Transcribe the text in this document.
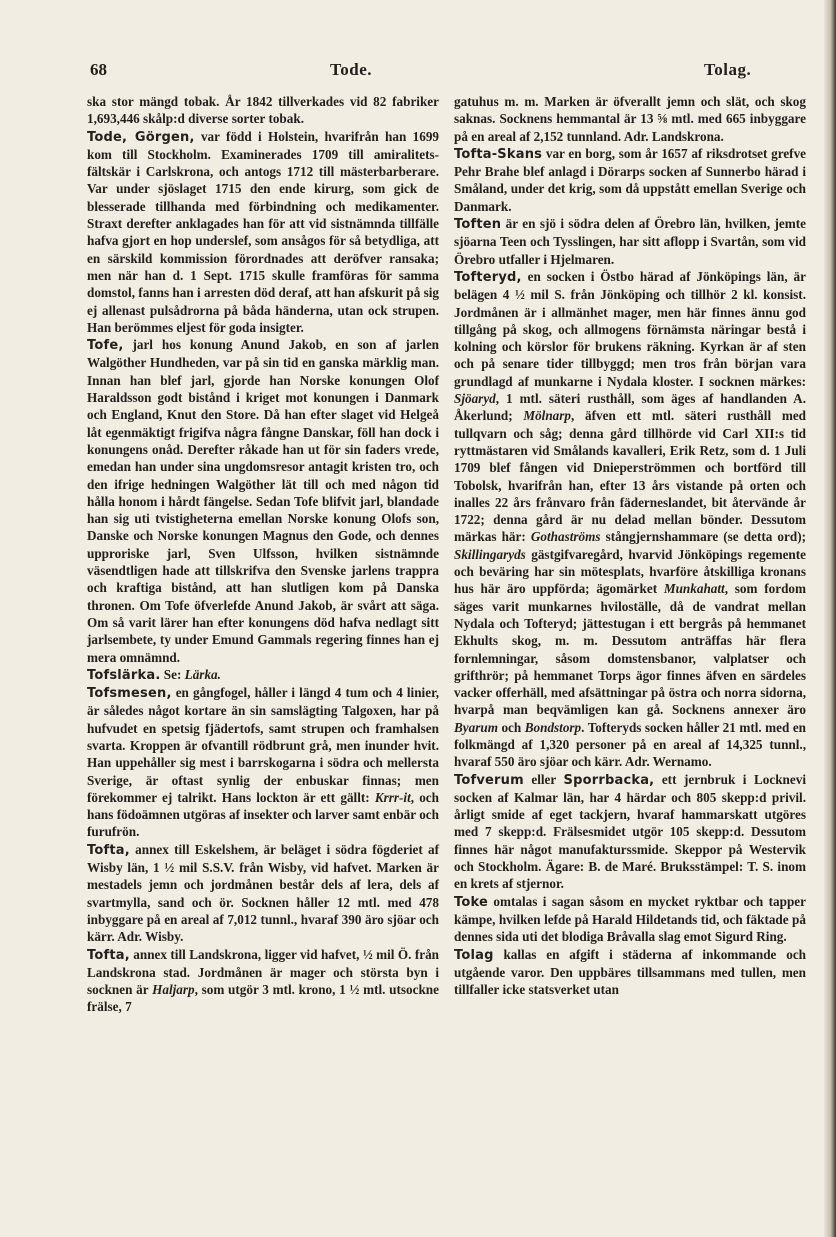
68	Tode.	Tolag.

ska stor mängd tobak. År 1842 tillverkades vid 82 fabriker 1,693,446 skålp:d diverse sorter tobak.

Tode, Görgen, var född i Holstein, hvarifrån han 1699 kom till Stockholm. Examinerades 1709 till amiralitets-fältskär i Carlskrona, och antogs 1712 till mästerbarberare. Var under sjöslaget 1715 den ende kirurg, som gick de blesserade tillhanda med förbindning och medikamenter. Straxt derefter anklagades han för att vid sistnämnda tillfälle hafva gjort en hop underslef, som ansågos för så betydliga, att en särskild kommission förordnades att deröfver ransaka; men när han d. 1 Sept. 1715 skulle framföras för samma domstol, fanns han i arresten död deraf, att han afskurit på sig ej allenast pulsådrorna på båda händerna, utan ock strupen. Han berömmes eljest för goda insigter.

Tofe, jarl hos konung Anund Jakob, en son af jarlen Walgöther Hundheden, var på sin tid en ganska märklig man. Innan han blef jarl, gjorde han Norske konungen Olof Haraldsson godt bistånd i kriget mot konungen i Danmark och England, Knut den Store. Då han efter slaget vid Helgeå låt egenmäktigt frigifva några fångne Danskar, föll han dock i konungens onåd. Derefter råkade han ut för sin faders vrede, emedan han under sina ungdomsresor antagit kristen tro, och den ifrige hedningen Walgöther lät till och med någon tid hålla honom i hårdt fängelse. Sedan Tofe blifvit jarl, blandade han sig uti tvistigheterna emellan Norske konung Olofs son, Danske och Norske konungen Magnus den Gode, och dennes upproriske jarl, Sven Ulfsson, hvilken sistnämnde väsendtligen hade att tillskrifva den Svenske jarlens trappra och kraftiga bistånd, att han slutligen kom på Danska thronen. Om Tofe öfverlefde Anund Jakob, är svårt att säga. Om så varit lärer han efter konungens död hafva nedlagt sitt jarlsembete, ty under Emund Gammals regering finnes han ej mera omnämnd.

Tofslärka. Se: Lärka.

Tofsmesen, en gångfogel, håller i längd 4 tum och 4 linier, är således något kortare än sin samslägting Talgoxen, har på hufvudet en spetsig fjädertofs, samt strupen och framhalsen svarta. Kroppen är ofvantill rödbrunt grå, men inunder hvit. Han uppehåller sig mest i barrskogarna i södra och mellersta Sverige, är oftast synlig der enbuskar finnas; men förekommer ej talrikt. Hans lockton är ett gällt: Krrr-it, och hans födoämnen utgöras af insekter och larver samt enbär och furufrön.

Tofta, annex till Eskelshem, är beläget i södra fögderiet af Wisby län, 1 ½ mil S.S.V. från Wisby, vid hafvet. Marken är mestadels jemn och jordmånen består dels af lera, dels af svartmylla, sand och ör. Socknen håller 12 mtl. med 478 inbyggare på en areal af 7,012 tunnl., hvaraf 390 äro sjöar och kärr. Adr. Wisby.

Tofta, annex till Landskrona, ligger vid hafvet, ½ mil Ö. från Landskrona stad. Jordmånen är mager och största byn i socknen är Haljarp, som utgör 3 mtl. krono, 1 ½ mtl. utsockne frälse, 7

gatuhus m. m. Marken är öfverallt jemn och slät, och skog saknas. Socknens hemmantal är 13 ⅝ mtl. med 665 inbyggare på en areal af 2,152 tunnland. Adr. Landskrona.

Tofta-Skans var en borg, som år 1657 af riksdrotset grefve Pehr Brahe blef anlagd i Dörarps socken af Sunnerbo härad i Småland, under det krig, som då uppstått emellan Sverige och Danmark.

Toften är en sjö i södra delen af Örebro län, hvilken, jemte sjöarna Teen och Tysslingen, har sitt aflopp i Svartån, som vid Örebro utfaller i Hjelmaren.

Tofteryd, en socken i Östbo härad af Jönköpings län, är belägen 4 ½ mil S. från Jönköping och tillhör 2 kl. konsist. Jordmånen är i allmänhet mager, men här finnes ännu god tillgång på skog, och allmogens förnämsta näringar bestå i kolning och körslor för brukens räkning. Kyrkan är af sten och på senare tider tillbyggd; men tros från början vara grundlagd af munkarne i Nydala kloster. I socknen märkes: Sjöaryd, 1 mtl. säteri rusthåll, som äges af handlanden A. Åkerlund; Mölnarp, äfven ett mtl. säteri rusthåll med tullqvarn och såg; denna gård tillhörde vid Carl XII:s tid ryttmästaren vid Smålands kavalleri, Erik Retz, som d. 1 Juli 1709 blef fången vid Dnieperströmmen och bortförd till Tobolsk, hvarifrån han, efter 13 års vistande på orten och inalles 22 års frånvaro från fäderneslandet, bit återvände år 1722; denna gård är nu delad mellan bönder. Dessutom märkas här: Gothaströms stångjernshammare (se detta ord); Skillingaryds gästgifvaregård, hvarvid Jönköpings regemente och beväring har sin mötesplats, hvarföre åtskilliga kronans hus här äro uppförda; ägomärket Munkahatt, som fordom säges varit munkarnes hviloställe, då de vandrat mellan Nydala och Tofteryd; jättestugan i ett bergrås på hemmanet Ekhults skog, m. m. Dessutom anträffas här flera fornlemningar, såsom domstensbanor, valplatser och grifthrör; på hemmanet Torps ägor finnes äfven en särdeles vacker offerhäll, med afsättningar på östra och norra sidorna, hvarpå man beqvämligen kan gå. Socknens annexer äro Byarum och Bondstorp. Tofteryds socken håller 21 mtl. med en folkmängd af 1,320 personer på en areal af 14,325 tunnl., hvaraf 550 äro sjöar och kärr. Adr. Wernamo.

Tofverum eller Sporrbacka, ett jernbruk i Locknevi socken af Kalmar län, har 4 härdar och 805 skepp:d privil. årligt smide af eget tackjern, hvaraf hammarskatt utgöres med 7 skepp:d. Frälsesmidet utgör 105 skepp:d. Dessutom finnes här något manufakturssmide. Skeppor på Westervik och Stockholm. Ägare: B. de Maré. Bruksstämpel: T. S. inom en krets af stjernor.

Toke omtalas i sagan såsom en mycket ryktbar och tapper kämpe, hvilken lefde på Harald Hildetands tid, och fäktade på dennes sida uti det blodiga Bråvalla slag emot Sigurd Ring.

Tolag kallas en afgift i städerna af inkommande och utgående varor. Den uppbäres tillsammans med tullen, men tillfaller icke statsverket utan
